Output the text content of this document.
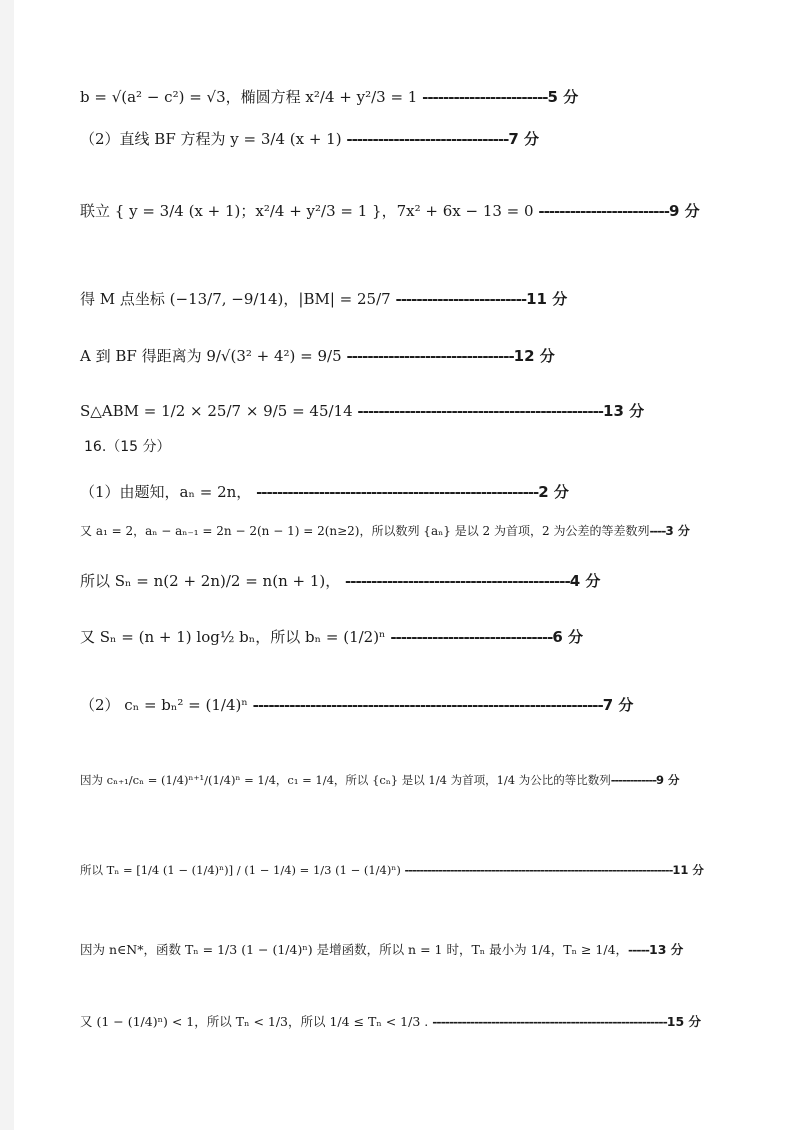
b = √(a² − c²) = √3，椭圆方程 x²/4 + y²/3 = 1 ------------------------5 分
（2）直线 BF 方程为 y = 3/4 (x + 1) -------------------------------7 分
联立 { y = 3/4 (x + 1)；x²/4 + y²/3 = 1 }，7x² + 6x − 13 = 0 -------------------------9 分
得 M 点坐标 (−13/7, −9/14)，|BM| = 25/7 -------------------------11 分
A 到 BF 得距离为 9/√(3² + 4²) = 9/5 --------------------------------12 分
S△ABM = 1/2 × 25/7 × 9/5 = 45/14 -----------------------------------------------13 分
16.（15 分）
（1）由题知，aₙ = 2n， ------------------------------------------------------2 分
又 a₁ = 2，aₙ − aₙ₋₁ = 2n − 2(n − 1) = 2(n≥2)，所以数列 {aₙ} 是以 2 为首项，2 为公差的等差数列----3 分
所以 Sₙ = n(2 + 2n)/2 = n(n + 1)， -------------------------------------------4 分
又 Sₙ = (n + 1) log½ bₙ，所以 bₙ = (1/2)ⁿ -------------------------------6 分
（2） cₙ = bₙ² = (1/4)ⁿ -------------------------------------------------------------------7 分
因为 cₙ₊₁/cₙ = (1/4)ⁿ⁺¹/(1/4)ⁿ = 1/4，c₁ = 1/4，所以 {cₙ} 是以 1/4 为首项，1/4 为公比的等比数列------------9 分
所以 Tₙ = [1/4 (1 − (1/4)ⁿ)] / (1 − 1/4) = 1/3 (1 − (1/4)ⁿ) -----------------------------------------------------------------------11 分
因为 n∈N*，函数 Tₙ = 1/3 (1 − (1/4)ⁿ) 是增函数，所以 n = 1 时，Tₙ 最小为 1/4，Tₙ ≥ 1/4，-----13 分
又 (1 − (1/4)ⁿ) < 1，所以 Tₙ < 1/3，所以 1/4 ≤ Tₙ < 1/3 . --------------------------------------------------------15 分
